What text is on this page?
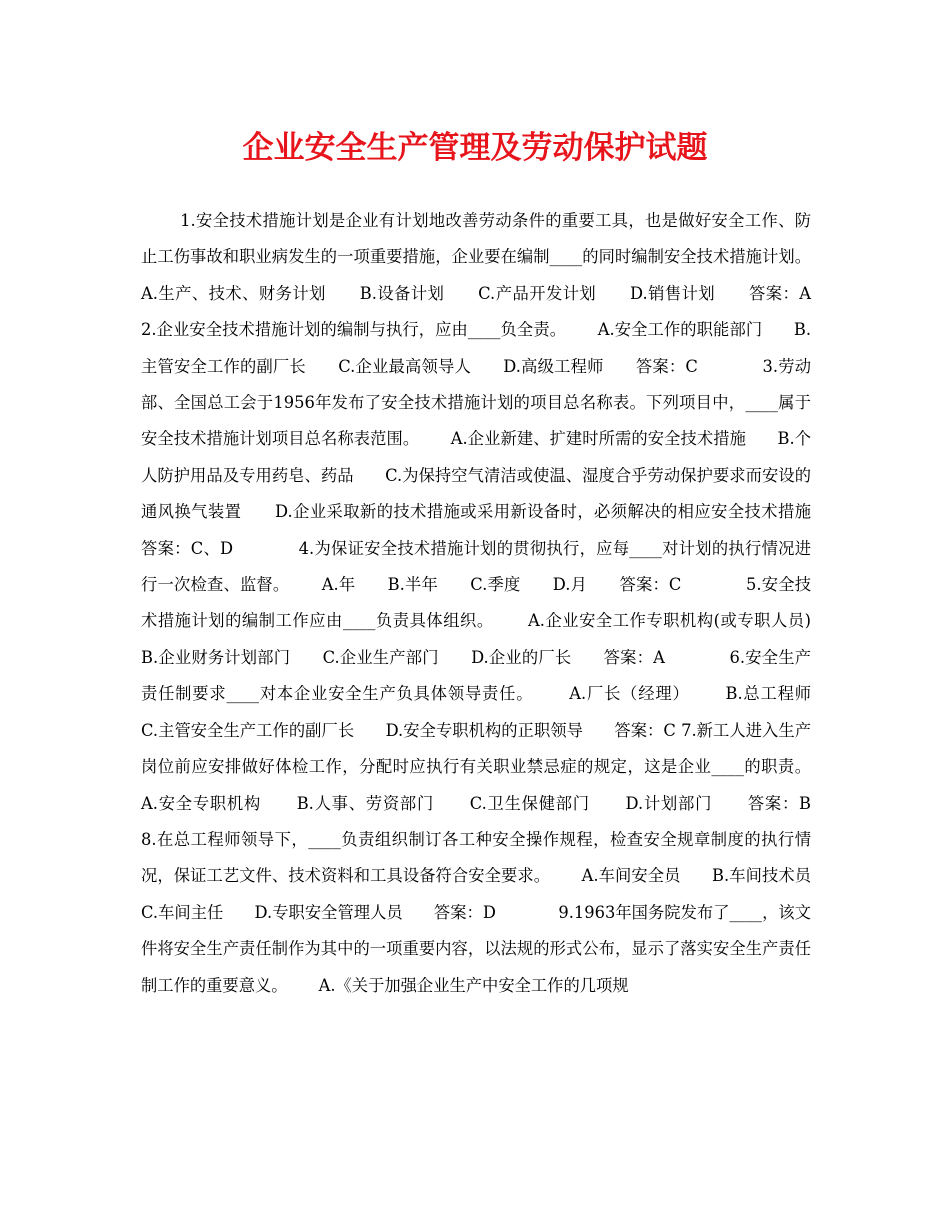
企业安全生产管理及劳动保护试题

1.安全技术措施计划是企业有计划地改善劳动条件的重要工具，也是做好安全工作、防止工伤事故和职业病发生的一项重要措施，企业要在编制____的同时编制安全技术措施计划。      A.生产、技术、财务计划      B.设备计划      C.产品开发计划      D.销售计划      答案：A            2.企业安全技术措施计划的编制与执行，应由____负全责。      A.安全工作的职能部门      B.主管安全工作的副厂长      C.企业最高领导人      D.高级工程师      答案：C            3.劳动部、全国总工会于1956年发布了安全技术措施计划的项目总名称表。下列项目中，____属于安全技术措施计划项目总名称表范围。      A.企业新建、扩建时所需的安全技术措施      B.个人防护用品及专用药皂、药品      C.为保持空气清洁或使温、湿度合乎劳动保护要求而安设的通风换气装置      D.企业采取新的技术措施或采用新设备时，必须解决的相应安全技术措施      答案：C、D            4.为保证安全技术措施计划的贯彻执行，应每____对计划的执行情况进行一次检查、监督。      A.年      B.半年      C.季度      D.月      答案：C            5.安全技术措施计划的编制工作应由____负责具体组织。      A.企业安全工作专职机构(或专职人员)      B.企业财务计划部门      C.企业生产部门      D.企业的厂长      答案：A            6.安全生产责任制要求____对本企业安全生产负具体领导责任。      A.厂长（经理）      B.总工程师      C.主管安全生产工作的副厂长      D.安全专职机构的正职领导      答案：C 7.新工人进入生产岗位前应安排做好体检工作，分配时应执行有关职业禁忌症的规定，这是企业____的职责。      A.安全专职机构      B.人事、劳资部门      C.卫生保健部门      D.计划部门      答案：B            8.在总工程师领导下，____负责组织制订各工种安全操作规程，检查安全规章制度的执行情况，保证工艺文件、技术资料和工具设备符合安全要求。      A.车间安全员      B.车间技术员      C.车间主任      D.专职安全管理人员      答案：D            9.1963年国务院发布了____，该文件将安全生产责任制作为其中的一项重要内容，以法规的形式公布，显示了落实安全生产责任制工作的重要意义。      A.《关于加强企业生产中安全工作的几项规
